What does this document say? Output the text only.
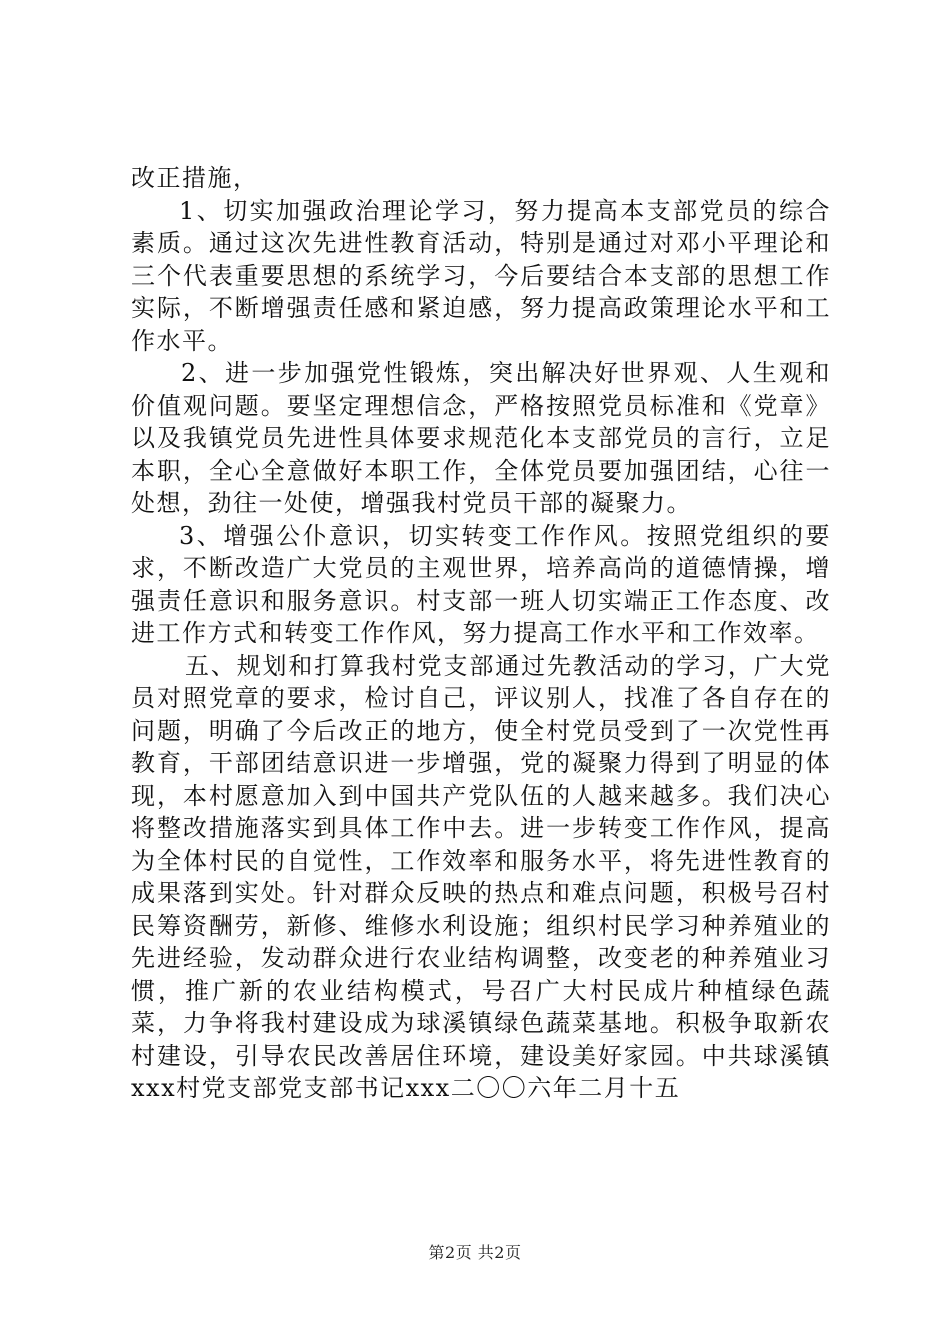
改正措施，

1、切实加强政治理论学习，努力提高本支部党员的综合素质。通过这次先进性教育活动，特别是通过对邓小平理论和三个代表重要思想的系统学习，今后要结合本支部的思想工作实际，不断增强责任感和紧迫感，努力提高政策理论水平和工作水平。

2、进一步加强党性锻炼，突出解决好世界观、人生观和价值观问题。要坚定理想信念，严格按照党员标准和《党章》以及我镇党员先进性具体要求规范化本支部党员的言行，立足本职，全心全意做好本职工作，全体党员要加强团结，心往一处想，劲往一处使，增强我村党员干部的凝聚力。

3、增强公仆意识，切实转变工作作风。按照党组织的要求，不断改造广大党员的主观世界，培养高尚的道德情操，增强责任意识和服务意识。村支部一班人切实端正工作态度、改进工作方式和转变工作作风，努力提高工作水平和工作效率。

五、规划和打算我村党支部通过先教活动的学习，广大党员对照党章的要求，检讨自己，评议别人，找准了各自存在的问题，明确了今后改正的地方，使全村党员受到了一次党性再教育，干部团结意识进一步增强，党的凝聚力得到了明显的体现，本村愿意加入到中国共产党队伍的人越来越多。我们决心将整改措施落实到具体工作中去。进一步转变工作作风，提高为全体村民的自觉性，工作效率和服务水平，将先进性教育的成果落到实处。针对群众反映的热点和难点问题，积极号召村民筹资酬劳，新修、维修水利设施；组织村民学习种养殖业的先进经验，发动群众进行农业结构调整，改变老的种养殖业习惯，推广新的农业结构模式，号召广大村民成片种植绿色蔬菜，力争将我村建设成为球溪镇绿色蔬菜基地。积极争取新农村建设，引导农民改善居住环境，建设美好家园。中共球溪镇xxx村党支部党支部书记xxx二〇〇六年二月十五

第2页 共2页
